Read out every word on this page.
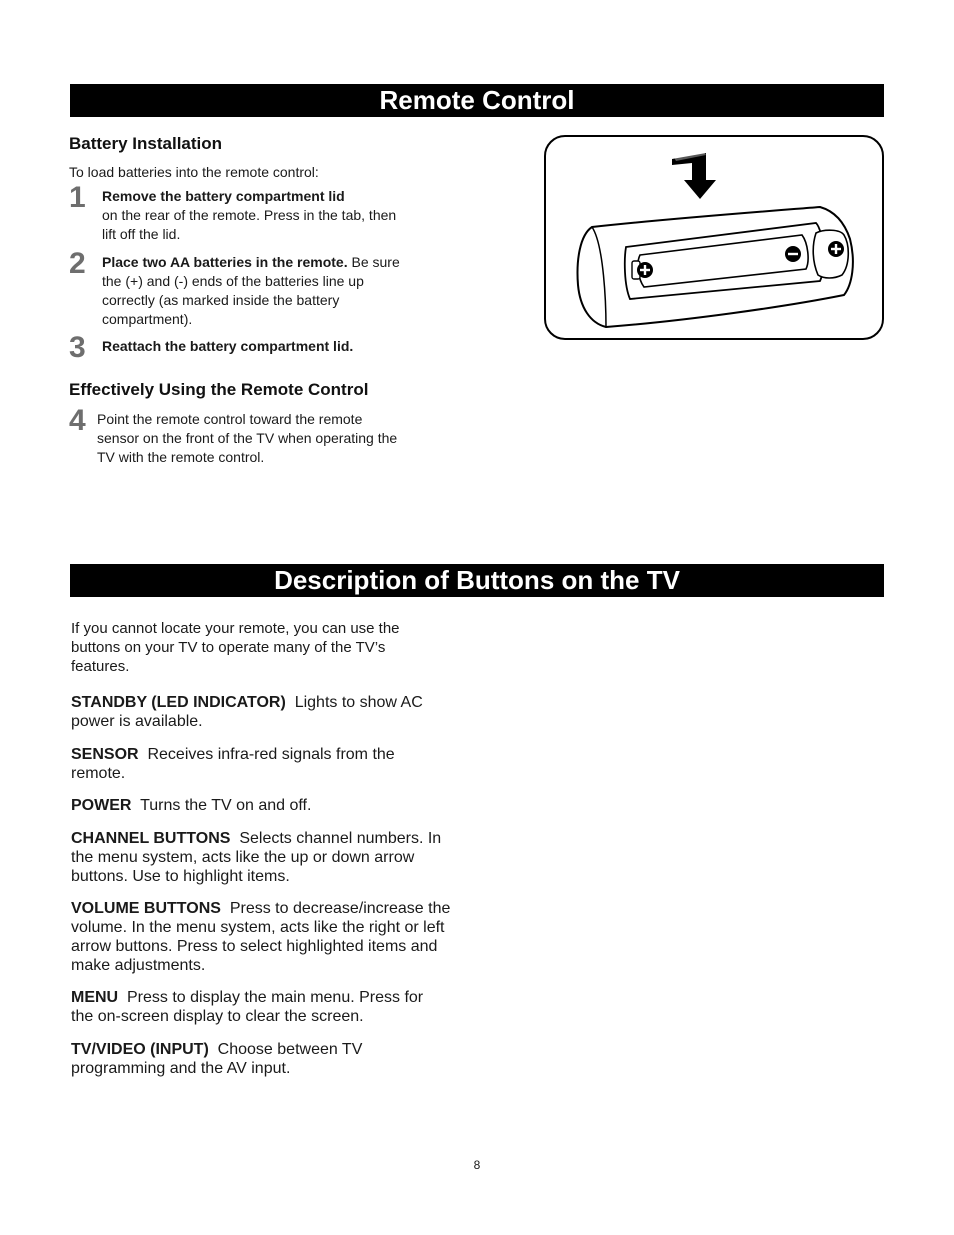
Remote Control
Battery Installation
To load batteries into the remote control:
1 Remove the battery compartment lid
on the rear of the remote. Press in the tab, then lift off the lid.
2 Place two AA batteries in the remote. Be sure the (+) and (-) ends of the batteries line up correctly (as marked inside the battery compartment).
3 Reattach the battery compartment lid.
Effectively Using the Remote Control
4 Point the remote control toward the remote sensor on the front of the TV when operating the TV with the remote control.
Description of Buttons on the TV
If you cannot locate your remote, you can use the buttons on your TV to operate many of the TV’s features.
STANDBY (LED INDICATOR) Lights to show AC power is available.
SENSOR Receives infra-red signals from the remote.
POWER Turns the TV on and off.
CHANNEL BUTTONS Selects channel numbers. In the menu system, acts like the up or down arrow buttons. Use to highlight items.
VOLUME BUTTONS Press to decrease/increase the volume. In the menu system, acts like the right or left arrow buttons. Press to select highlighted items and make adjustments.
MENU Press to display the main menu. Press for the on-screen display to clear the screen.
TV/VIDEO (INPUT) Choose between TV programming and the AV input.
8
